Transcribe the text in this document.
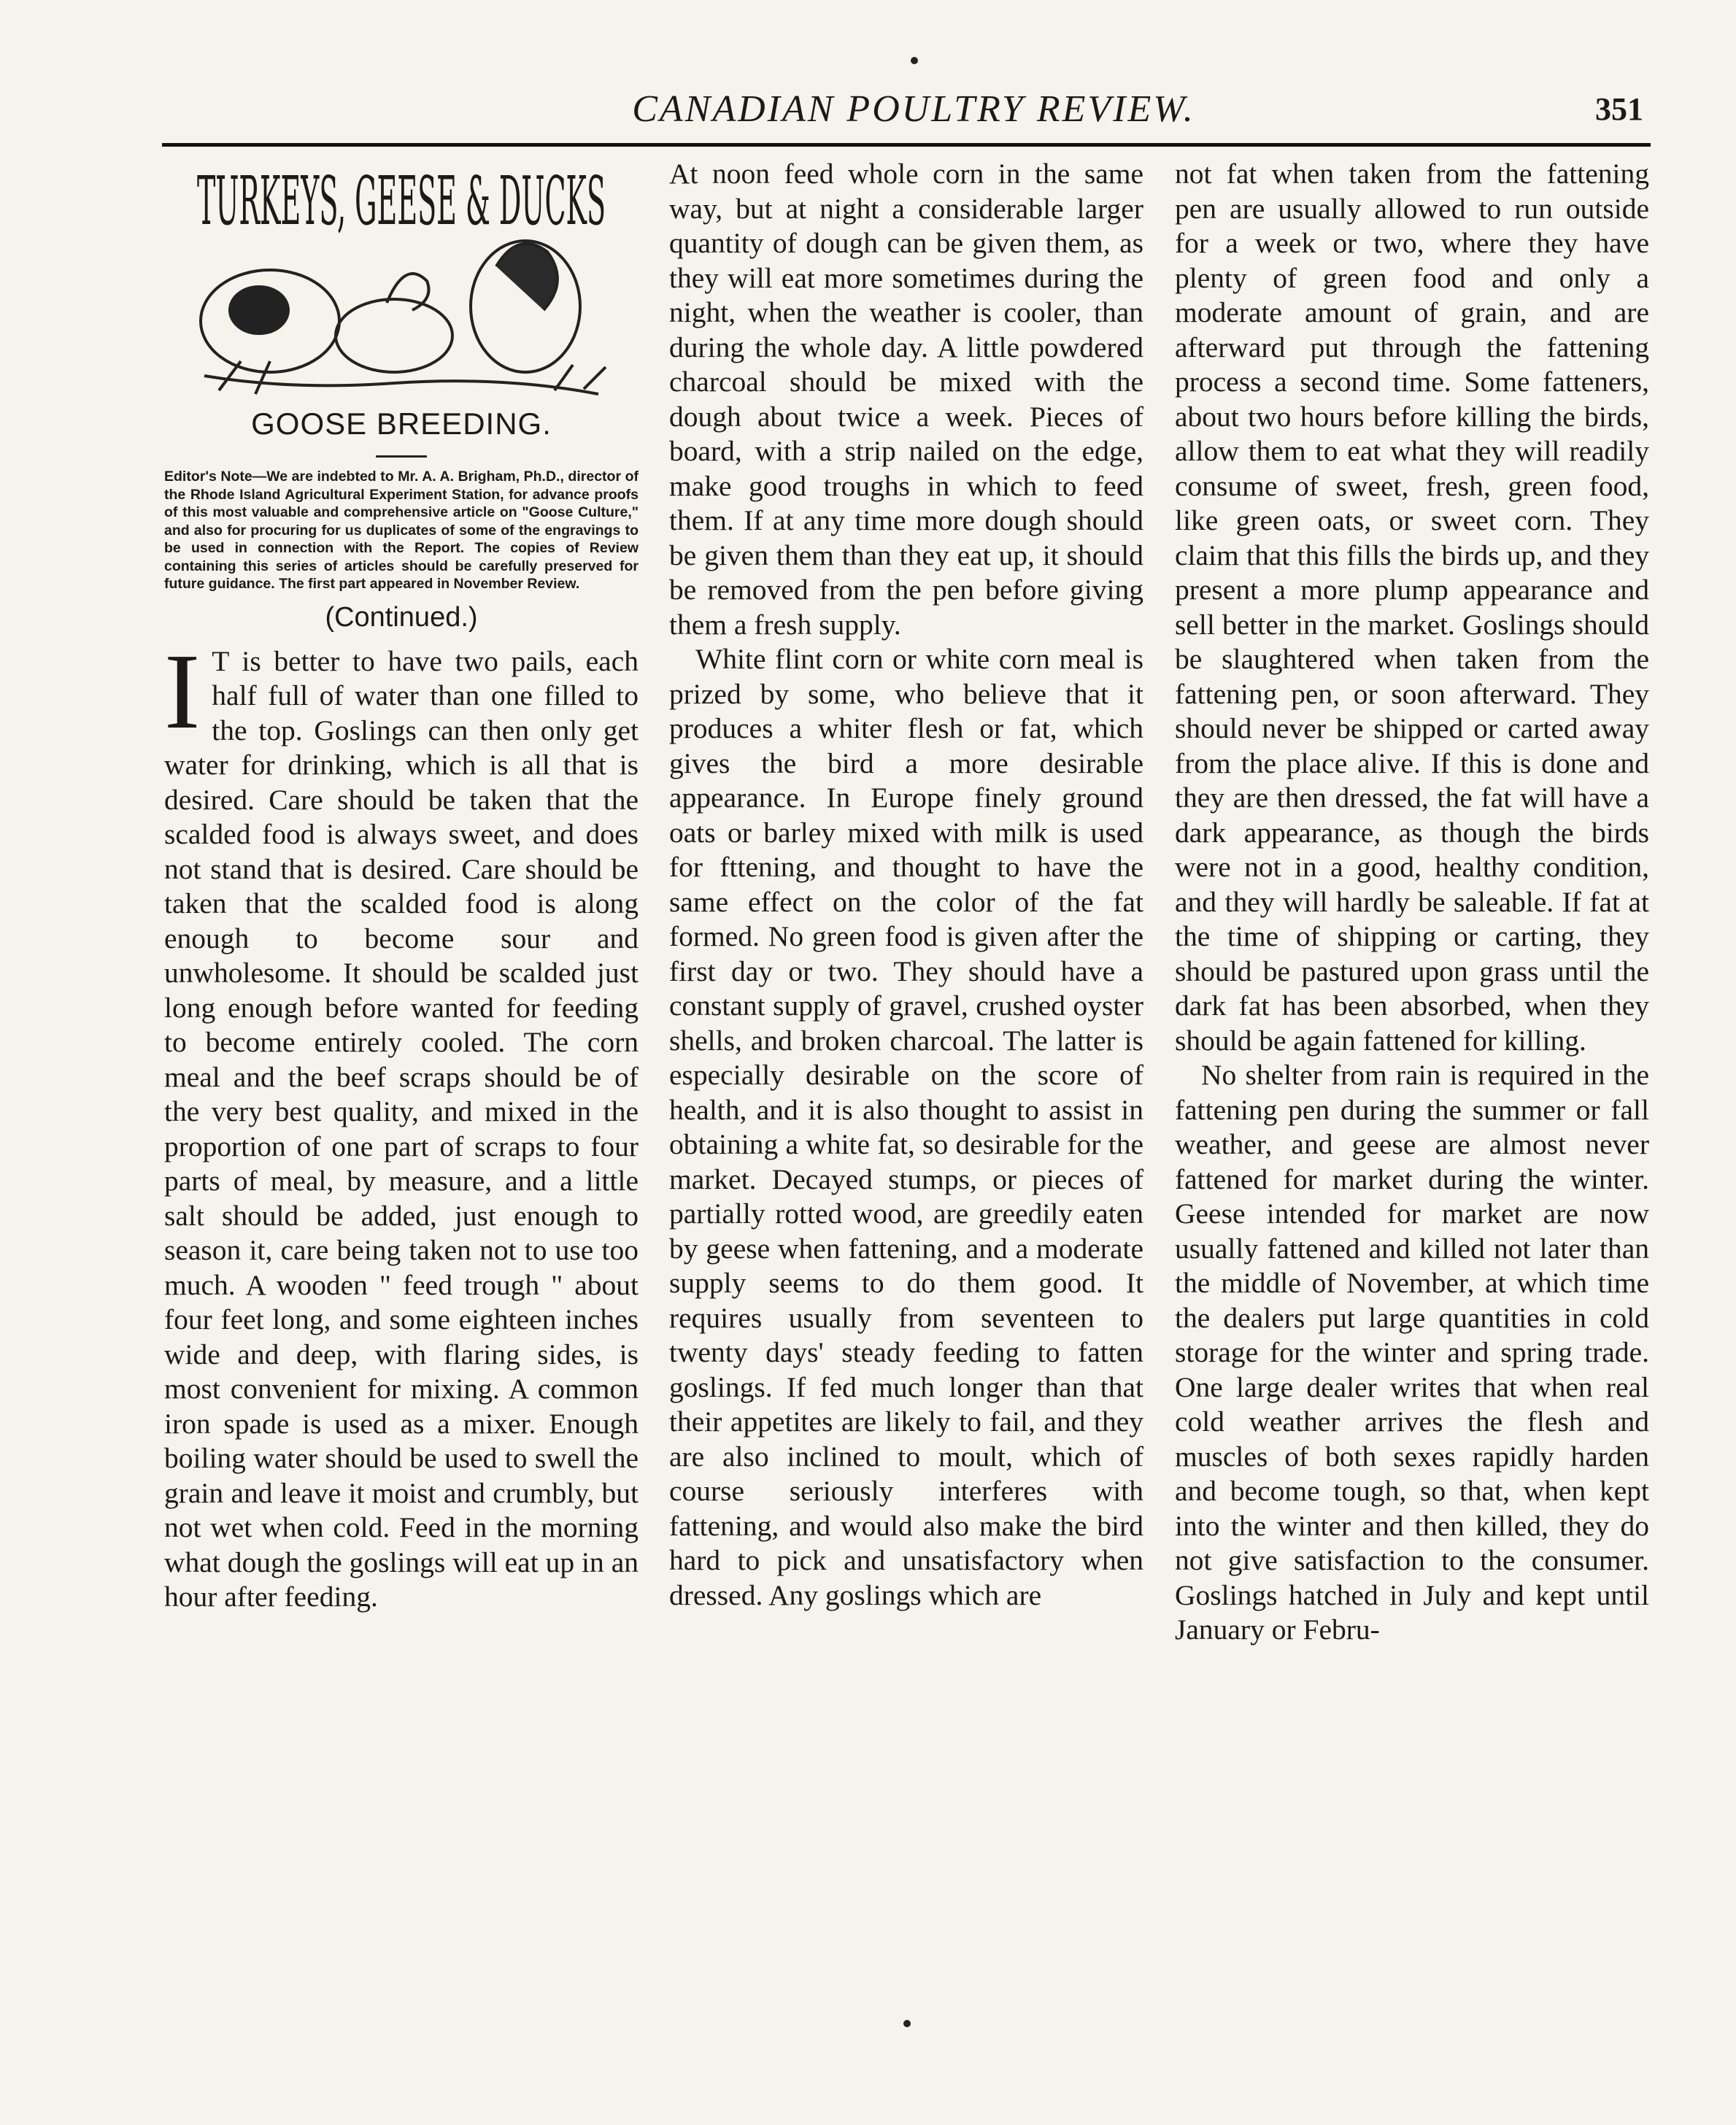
CANADIAN POULTRY REVIEW.	351
TURKEYS, GEESE & DUCKS
GOOSE BREEDING.

Editor's Note—We are indebted to Mr. A. A. Brigham, Ph.D., director of the Rhode Island Agricultural Experiment Station, for advance proofs of this most valuable and comprehensive article on "Goose Culture," and also for procuring for us duplicates of some of the engravings to be used in connection with the Report. The copies of Review containing this series of articles should be carefully preserved for future guidance. The first part appeared in November Review.

(Continued.)

I T is better to have two pails, each half full of water than one filled to the top. Goslings can then only get water for drinking, which is all that is desired. Care should be taken that the scalded food is always sweet, and does not stand that is desired. Care should be taken that the scalded food is along enough to become sour and unwholesome. It should be scalded just long enough before wanted for feeding to become entirely cooled. The corn meal and the beef scraps should be of the very best quality, and mixed in the proportion of one part of scraps to four parts of meal, by measure, and a little salt should be added, just enough to season it, care being taken not to use too much. A wooden " feed trough " about four feet long, and some eighteen inches wide and deep, with flaring sides, is most convenient for mixing. A common iron spade is used as a mixer. Enough boiling water should be used to swell the grain and leave it moist and crumbly, but not wet when cold. Feed in the morning what dough the goslings will eat up in an hour after feeding.

At noon feed whole corn in the same way, but at night a considerable larger quantity of dough can be given them, as they will eat more sometimes during the night, when the weather is cooler, than during the whole day. A little powdered charcoal should be mixed with the dough about twice a week. Pieces of board, with a strip nailed on the edge, make good troughs in which to feed them. If at any time more dough should be given them than they eat up, it should be removed from the pen before giving them a fresh supply.

White flint corn or white corn meal is prized by some, who believe that it produces a whiter flesh or fat, which gives the bird a more desirable appearance. In Europe finely ground oats or barley mixed with milk is used for fttening, and thought to have the same effect on the color of the fat formed. No green food is given after the first day or two. They should have a constant supply of gravel, crushed oyster shells, and broken charcoal. The latter is especially desirable on the score of health, and it is also thought to assist in obtaining a white fat, so desirable for the market. Decayed stumps, or pieces of partially rotted wood, are greedily eaten by geese when fattening, and a moderate supply seems to do them good. It requires usually from seventeen to twenty days' steady feeding to fatten goslings. If fed much longer than that their appetites are likely to fail, and they are also inclined to moult, which of course seriously interferes with fattening, and would also make the bird hard to pick and unsatisfactory when dressed. Any goslings which are

not fat when taken from the fattening pen are usually allowed to run outside for a week or two, where they have plenty of green food and only a moderate amount of grain, and are afterward put through the fattening process a second time. Some fatteners, about two hours before killing the birds, allow them to eat what they will readily consume of sweet, fresh, green food, like green oats, or sweet corn. They claim that this fills the birds up, and they present a more plump appearance and sell better in the market. Goslings should be slaughtered when taken from the fattening pen, or soon afterward. They should never be shipped or carted away from the place alive. If this is done and they are then dressed, the fat will have a dark appearance, as though the birds were not in a good, healthy condition, and they will hardly be saleable. If fat at the time of shipping or carting, they should be pastured upon grass until the dark fat has been absorbed, when they should be again fattened for killing.

No shelter from rain is required in the fattening pen during the summer or fall weather, and geese are almost never fattened for market during the winter. Geese intended for market are now usually fattened and killed not later than the middle of November, at which time the dealers put large quantities in cold storage for the winter and spring trade. One large dealer writes that when real cold weather arrives the flesh and muscles of both sexes rapidly harden and become tough, so that, when kept into the winter and then killed, they do not give satisfaction to the consumer. Goslings hatched in July and kept until January or Febru-
